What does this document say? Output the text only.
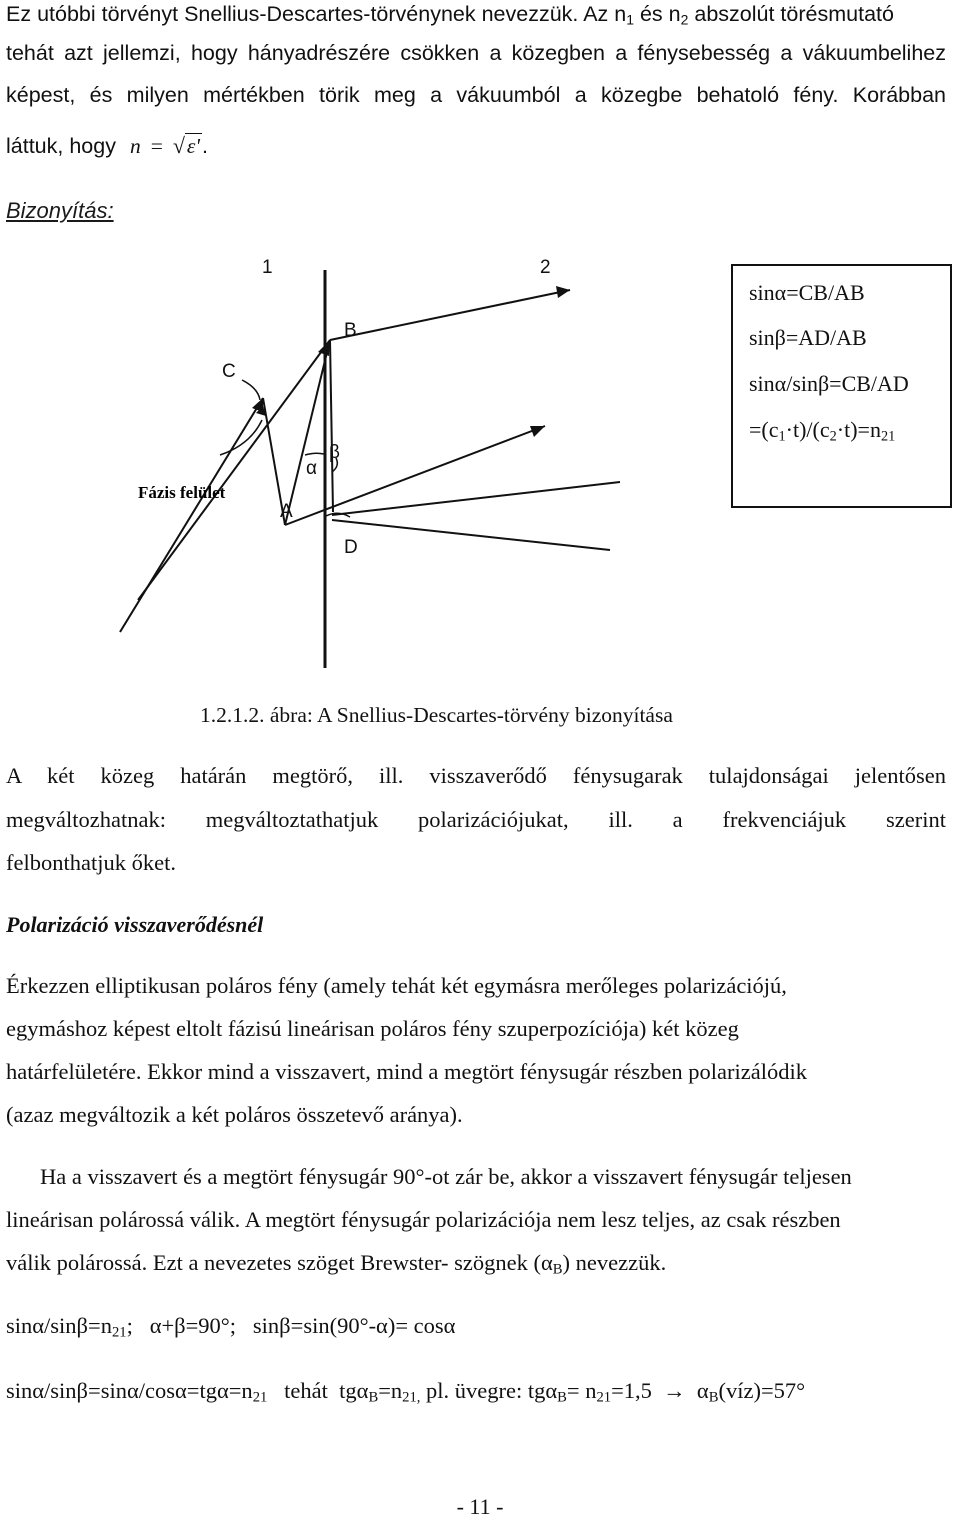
Ez utóbbi törvényt Snellius-Descartes-törvénynek nevezzük. Az $n_1$ és $n_2$ abszolút törésmutató
tehát azt jellemzi, hogy hányadrészére csökken a közegben a fénysebesség a vákuumbelihez
képest, és milyen mértékben törik meg a vákuumból a közegbe behatoló fény. Korábban
láttuk, hogy n = √ε'.
Bizonyítás:
1	2
B
C
A
D
α
β
Fázis felület
sinα=CB/AB
sinβ=AD/AB
sinα/sinβ=CB/AD
$=(c_1\cdot t)/(c_2\cdot t)=n_{21}$
1.2.1.2. ábra: A Snellius-Descartes-törvény bizonyítása
A két közeg határán megtörő, ill. visszaverődő fénysugarak tulajdonságai jelentősen
megváltozhatnak: megváltoztathatjuk polarizációjukat, ill. a frekvenciájuk szerint
felbonthatjuk őket.
Polarizáció visszaverődésnél
Érkezzen elliptikusan poláros fény (amely tehát két egymásra merőleges polarizációjú,
egymáshoz képest eltolt fázisú lineárisan poláros fény szuperpozíciója) két közeg
határfelületére. Ekkor mind a visszavert, mind a megtört fénysugár részben polarizálódik
(azaz megváltozik a két poláros összetevő aránya).
Ha a visszavert és a megtört fénysugár 90°-ot zár be, akkor a visszavert fénysugár teljesen
lineárisan polárossá válik. A megtört fénysugár polarizációja nem lesz teljes, az csak részben
válik polárossá. Ezt a nevezetes szöget Brewster- szögnek $(\alpha_B)$ nevezzük.
sinα/$\sin\beta=n_{21}$;   α+β=90°;   sinβ=sin(90°-α)= cosα
sinα/$\sin\beta=\sin\alpha/\cos\alpha=tg\alpha=n_{21}$   tehát  $tg\alpha_B=n_{21,}$ pl. üvegre: $tg\alpha_B= n_{21}=1,5$  →  $\alpha_B(víz)=57^\circ$
- 11 -
